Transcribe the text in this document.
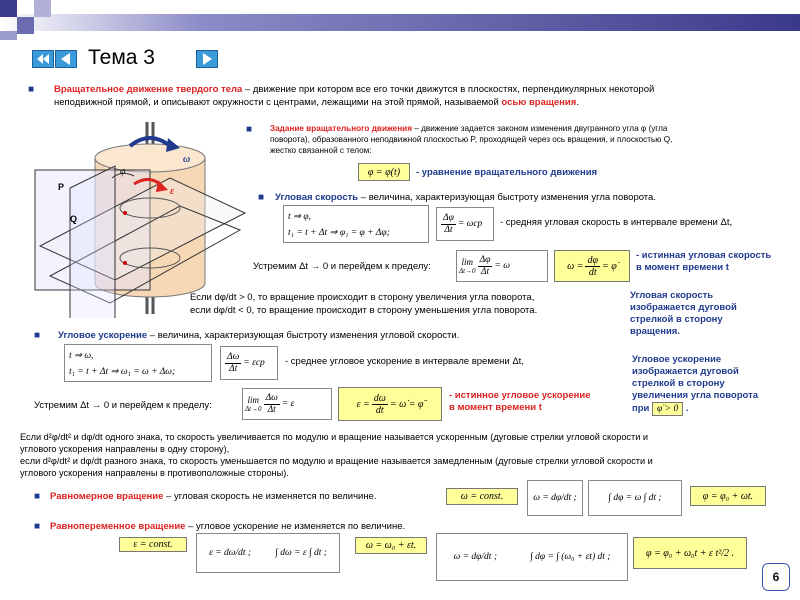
Тема 3
■ Вращательное движение твердого тела – движение при котором все его точки движутся в плоскостях, перпендикулярных некоторой
неподвижной прямой, и описывают окружности с центрами, лежащими на этой прямой, называемой осью вращения.
P
Q
ω
ε
φ
■ Задание вращательного движения – движение задается законом изменения двугранного угла φ (угла
поворота), образованного неподвижной плоскостью P, проходящей через ось вращения, и плоскостью Q,
жестко связанной с телом:
φ = φ(t)	- уравнение вращательного движения
■ Угловая скорость – величина, характеризующая быстроту изменения угла поворота.
t ⇒ φ,
t₁ = t + Δt ⇒ φ₁ = φ + Δφ;	$\frac{\Delta\varphi}{\Delta t} = \omega ср$ - средняя угловая скорость в интервале времени Δt,
Устремим Δt → 0 и перейдем к пределу:	lim
$\Delta t\to 0 \frac{\Delta\varphi}{\Delta t} = \omega$	$\omega = \frac{d\varphi}{dt}$ = φ̇
- истинная угловая скорость
в момент времени t
Если dφ/dt > 0, то вращение происходит в сторону увеличения угла поворота,
если dφ/dt < 0, то вращение происходит в сторону уменьшения угла поворота.
Угловая скорость
изображается дуговой
стрелкой в сторону
вращения.
■ Угловое ускорение – величина, характеризующая быстроту изменения угловой скорости.
t ⇒ ω,
t₁ = t + Δt ⇒ ω₁ = ω + Δω;	$\frac{\Delta\omega}{\Delta t} = \varepsilon ср$ - среднее угловое ускорение в интервале времени Δt,
Устремим Δt → 0 и перейдем к пределу:	lim
$\Delta t\to 0 \frac{\Delta\omega}{\Delta t} = \varepsilon$	$\varepsilon = \frac{d\omega}{dt}$ = ω̇ = φ̈
- истинное угловое ускорение
в момент времени t
Угловое ускорение
изображается дуговой
стрелкой в сторону
увеличения угла поворота
при φ̈ > 0 .
Если d²φ/dt² и dφ/dt одного знака, то скорость увеличивается по модулю и вращение называется ускоренным (дуговые стрелки угловой скорости и
углового ускорения направлены в одну сторону),
если d²φ/dt² и dφ/dt разного знака, то скорость уменьшается по модулю и вращение называется замедленным (дуговые стрелки угловой скорости и
углового ускорения направлены в противоположные стороны).
■ Равномерное вращение – угловая скорость не изменяется по величине.	ω = const.	ω = dφ/dt ;	∫ dφ = ω ∫ dt ;	φ = φ₀ + ωt.
■ Равнопеременное вращение – угловое ускорение не изменяется по величине.
ε = const.
ε = dω/dt ;	∫ dω = ε ∫ dt ;
ω = ω₀ + εt.
ω = dφ/dt ;	∫ dφ = ∫ (ω₀ + εt) dt ;	φ = φ₀ + ω₀t + ε t²/2 .
6
